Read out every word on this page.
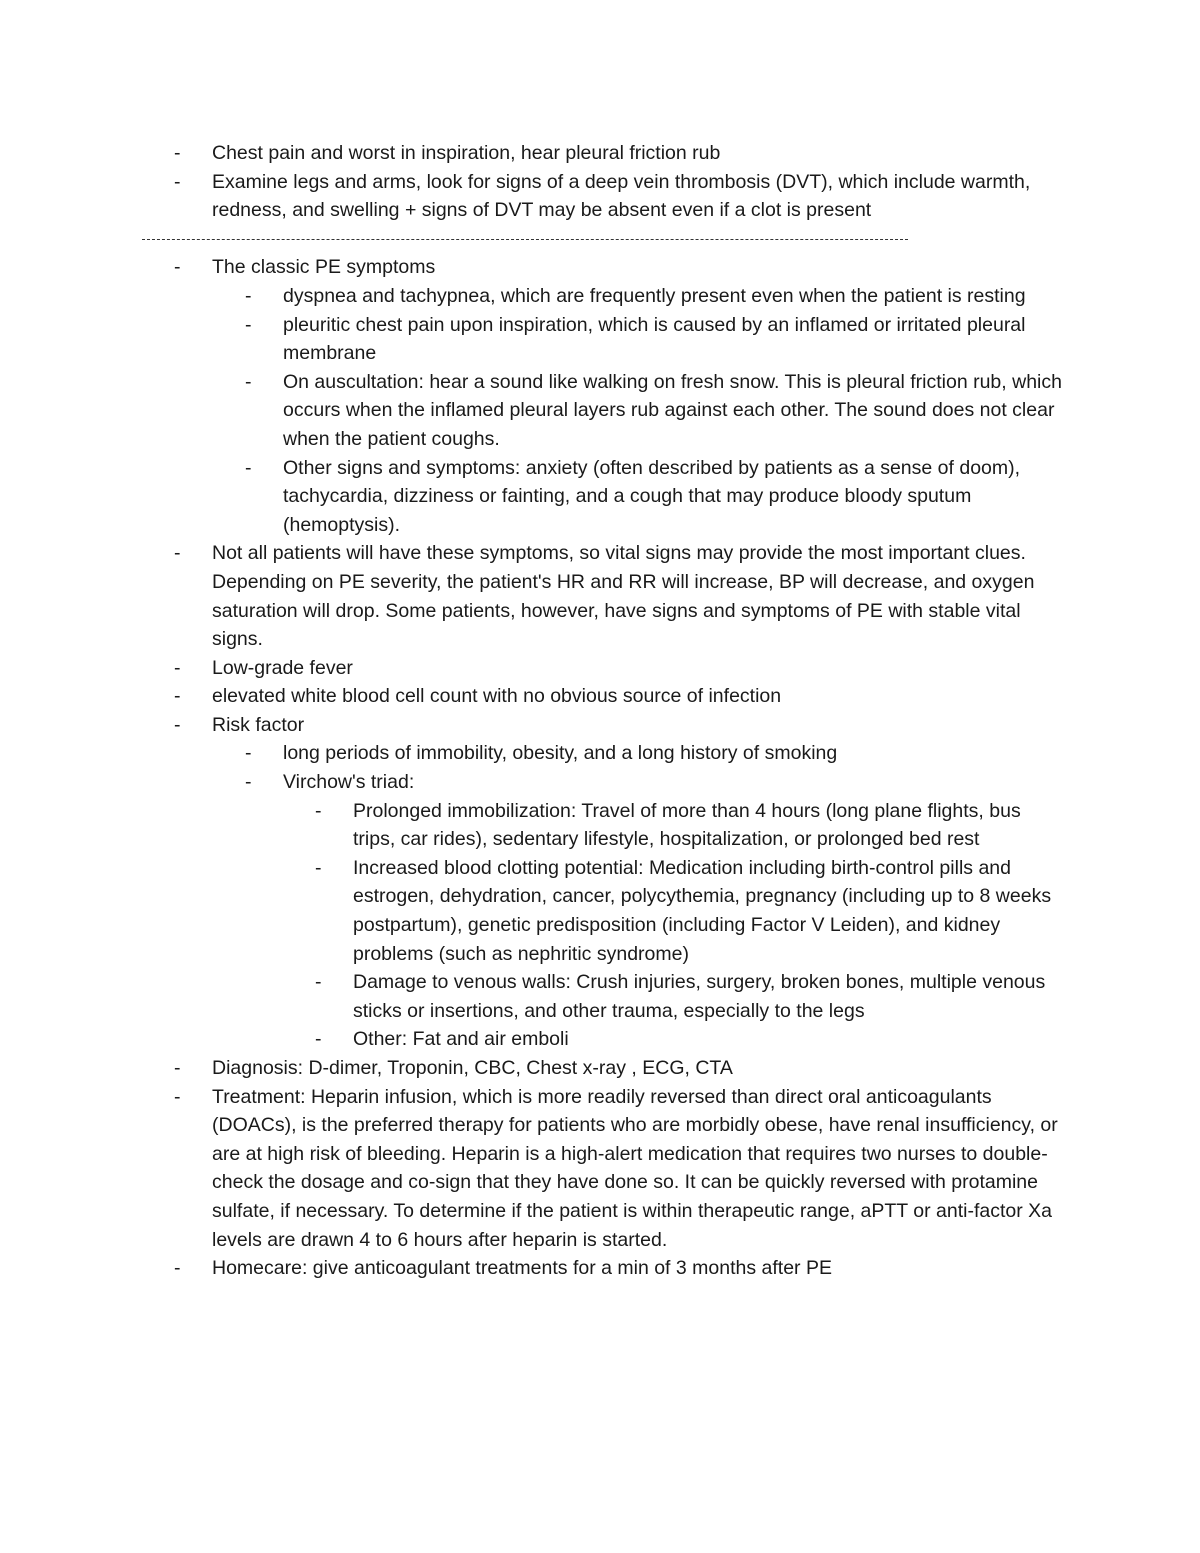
- Chest pain and worst in inspiration, hear pleural friction rub
- Examine legs and arms, look for signs of a deep vein thrombosis (DVT), which include warmth, redness, and swelling + signs of DVT may be absent even if a clot is present
- The classic PE symptoms
- dyspnea and tachypnea, which are frequently present even when the patient is resting
- pleuritic chest pain upon inspiration, which is caused by an inflamed or irritated pleural membrane
- On auscultation: hear a sound like walking on fresh snow. This is pleural friction rub, which occurs when the inflamed pleural layers rub against each other. The sound does not clear when the patient coughs.
- Other signs and symptoms: anxiety (often described by patients as a sense of doom), tachycardia, dizziness or fainting, and a cough that may produce bloody sputum (hemoptysis).
- Not all patients will have these symptoms, so vital signs may provide the most important clues. Depending on PE severity, the patient's HR and RR will increase, BP will decrease, and oxygen saturation will drop. Some patients, however, have signs and symptoms of PE with stable vital signs.
- Low-grade fever
- elevated white blood cell count with no obvious source of infection
- Risk factor
- long periods of immobility, obesity, and a long history of smoking
- Virchow's triad:
- Prolonged immobilization: Travel of more than 4 hours (long plane flights, bus trips, car rides), sedentary lifestyle, hospitalization, or prolonged bed rest
- Increased blood clotting potential: Medication including birth-control pills and estrogen, dehydration, cancer, polycythemia, pregnancy (including up to 8 weeks postpartum), genetic predisposition (including Factor V Leiden), and kidney problems (such as nephritic syndrome)
- Damage to venous walls: Crush injuries, surgery, broken bones, multiple venous sticks or insertions, and other trauma, especially to the legs
- Other: Fat and air emboli
- Diagnosis: D-dimer, Troponin, CBC, Chest x-ray , ECG, CTA
- Treatment: Heparin infusion, which is more readily reversed than direct oral anticoagulants (DOACs), is the preferred therapy for patients who are morbidly obese, have renal insufficiency, or are at high risk of bleeding. Heparin is a high-alert medication that requires two nurses to double-check the dosage and co-sign that they have done so. It can be quickly reversed with protamine sulfate, if necessary. To determine if the patient is within therapeutic range, aPTT or anti-factor Xa levels are drawn 4 to 6 hours after heparin is started.
- Homecare: give anticoagulant treatments for a min of 3 months after PE
